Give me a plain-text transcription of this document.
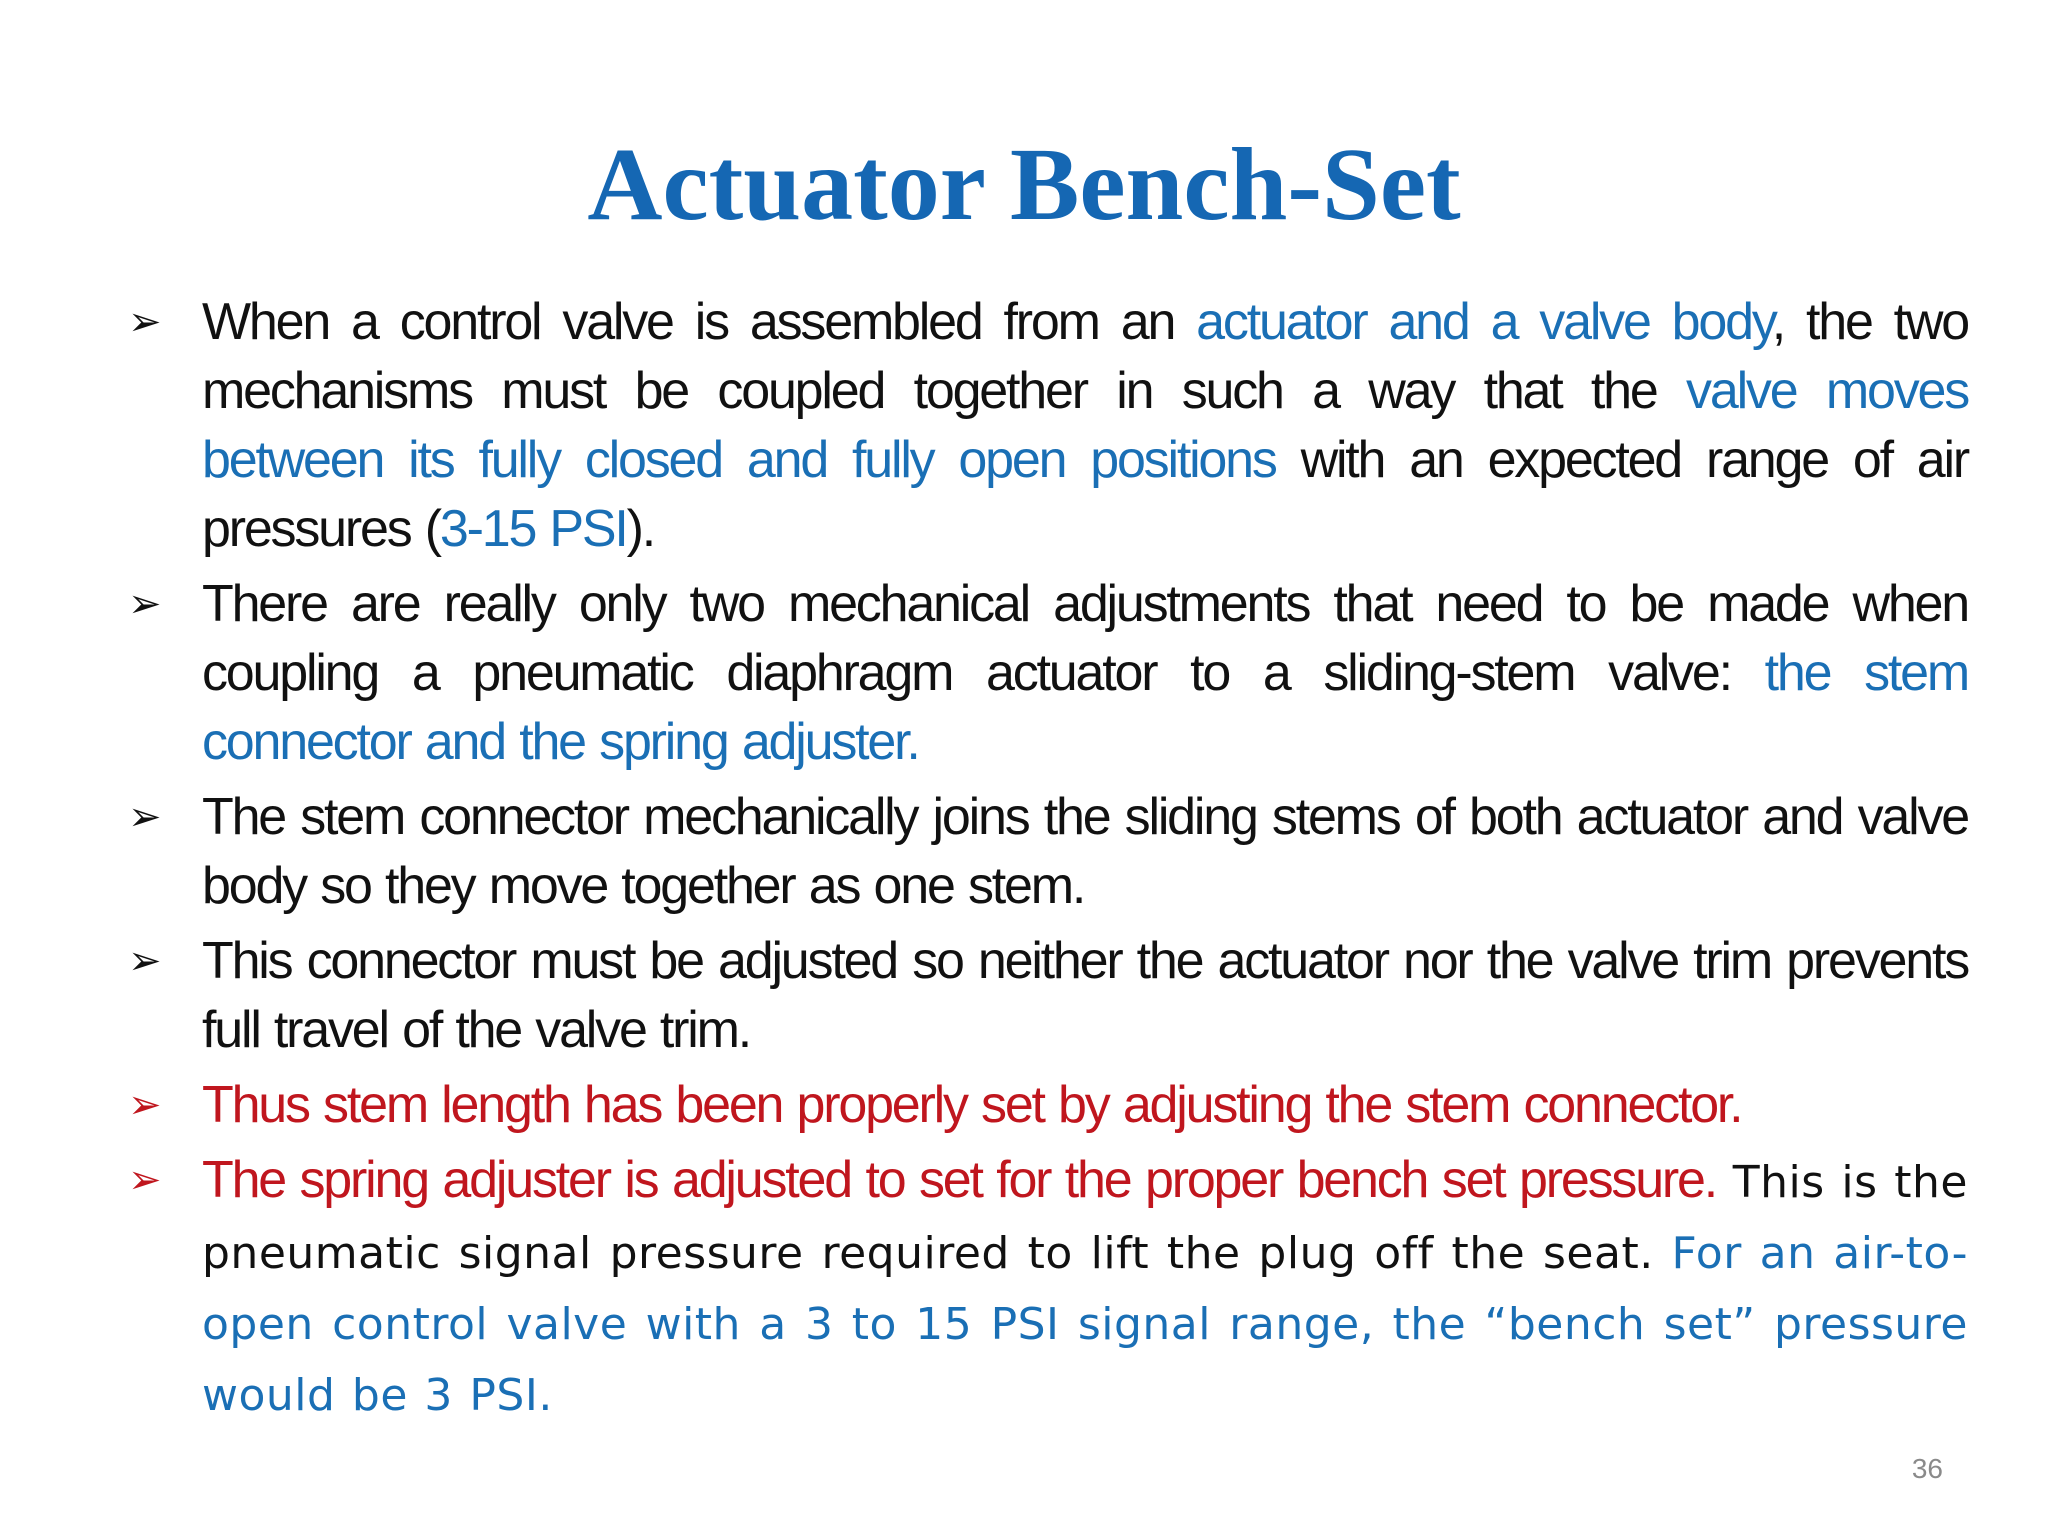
Actuator Bench-Set
➢ When a control valve is assembled from an actuator and a valve body, the two mechanisms must be coupled together in such a way that the valve moves between its fully closed and fully open positions with an expected range of air pressures (3-15 PSI).
➢ There are really only two mechanical adjustments that need to be made when coupling a pneumatic diaphragm actuator to a sliding-stem valve: the stem connector and the spring adjuster.
➢ The stem connector mechanically joins the sliding stems of both actuator and valve body so they move together as one stem.
➢ This connector must be adjusted so neither the actuator nor the valve trim prevents full travel of the valve trim.
➢ Thus stem length has been properly set by adjusting the stem connector.
➢ The spring adjuster is adjusted to set for the proper bench set pressure. This is the pneumatic signal pressure required to lift the plug off the seat. For an air-to-open control valve with a 3 to 15 PSI signal range, the “bench set” pressure would be 3 PSI.
36
